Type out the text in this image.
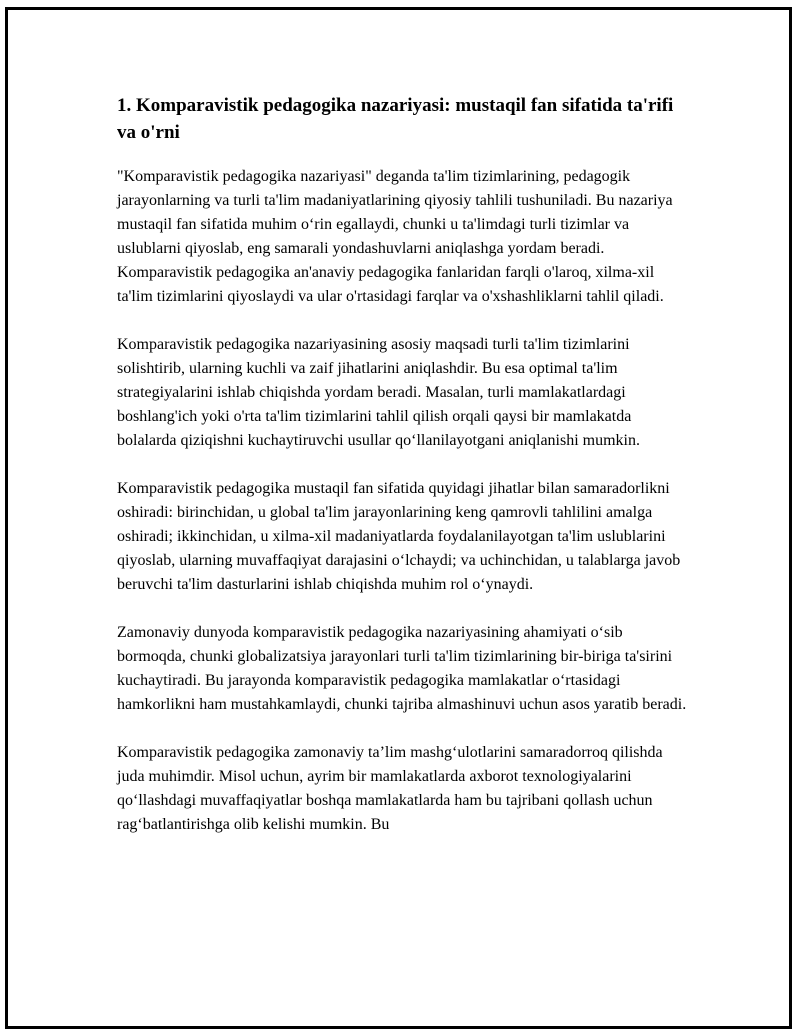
1. Komparavistik pedagogika nazariyasi: mustaqil fan sifatida ta'rifi va o'rni

"Komparavistik pedagogika nazariyasi" deganda ta'lim tizimlarining, pedagogik jarayonlarning va turli ta'lim madaniyatlarining qiyosiy tahlili tushuniladi. Bu nazariya mustaqil fan sifatida muhim o‘rin egallaydi, chunki u ta'limdagi turli tizimlar va uslublarni qiyoslab, eng samarali yondashuvlarni aniqlashga yordam beradi. Komparavistik pedagogika an'anaviy pedagogika fanlaridan farqli o'laroq, xilma-xil ta'lim tizimlarini qiyoslaydi va ular o'rtasidagi farqlar va o'xshashliklarni tahlil qiladi.

Komparavistik pedagogika nazariyasining asosiy maqsadi turli ta'lim tizimlarini solishtirib, ularning kuchli va zaif jihatlarini aniqlashdir. Bu esa optimal ta'lim strategiyalarini ishlab chiqishda yordam beradi. Masalan, turli mamlakatlardagi boshlang'ich yoki o'rta ta'lim tizimlarini tahlil qilish orqali qaysi bir mamlakatda bolalarda qiziqishni kuchaytiruvchi usullar qo‘llanilayotgani aniqlanishi mumkin.

Komparavistik pedagogika mustaqil fan sifatida quyidagi jihatlar bilan samaradorlikni oshiradi: birinchidan, u global ta'lim jarayonlarining keng qamrovli tahlilini amalga oshiradi; ikkinchidan, u xilma-xil madaniyatlarda foydalanilayotgan ta'lim uslublarini qiyoslab, ularning muvaffaqiyat darajasini o‘lchaydi; va uchinchidan, u talablarga javob beruvchi ta'lim dasturlarini ishlab chiqishda muhim rol o‘ynaydi.

Zamonaviy dunyoda komparavistik pedagogika nazariyasining ahamiyati o‘sib bormoqda, chunki globalizatsiya jarayonlari turli ta'lim tizimlarining bir-biriga ta'sirini kuchaytiradi. Bu jarayonda komparavistik pedagogika mamlakatlar o‘rtasidagi hamkorlikni ham mustahkamlaydi, chunki tajriba almashinuvi uchun asos yaratib beradi.

Komparavistik pedagogika zamonaviy ta’lim mashg‘ulotlarini samaradorroq qilishda juda muhimdir. Misol uchun, ayrim bir mamlakatlarda axborot texnologiyalarini qo‘llashdagi muvaffaqiyatlar boshqa mamlakatlarda ham bu tajribani qollash uchun rag‘batlantirishga olib kelishi mumkin. Bu
